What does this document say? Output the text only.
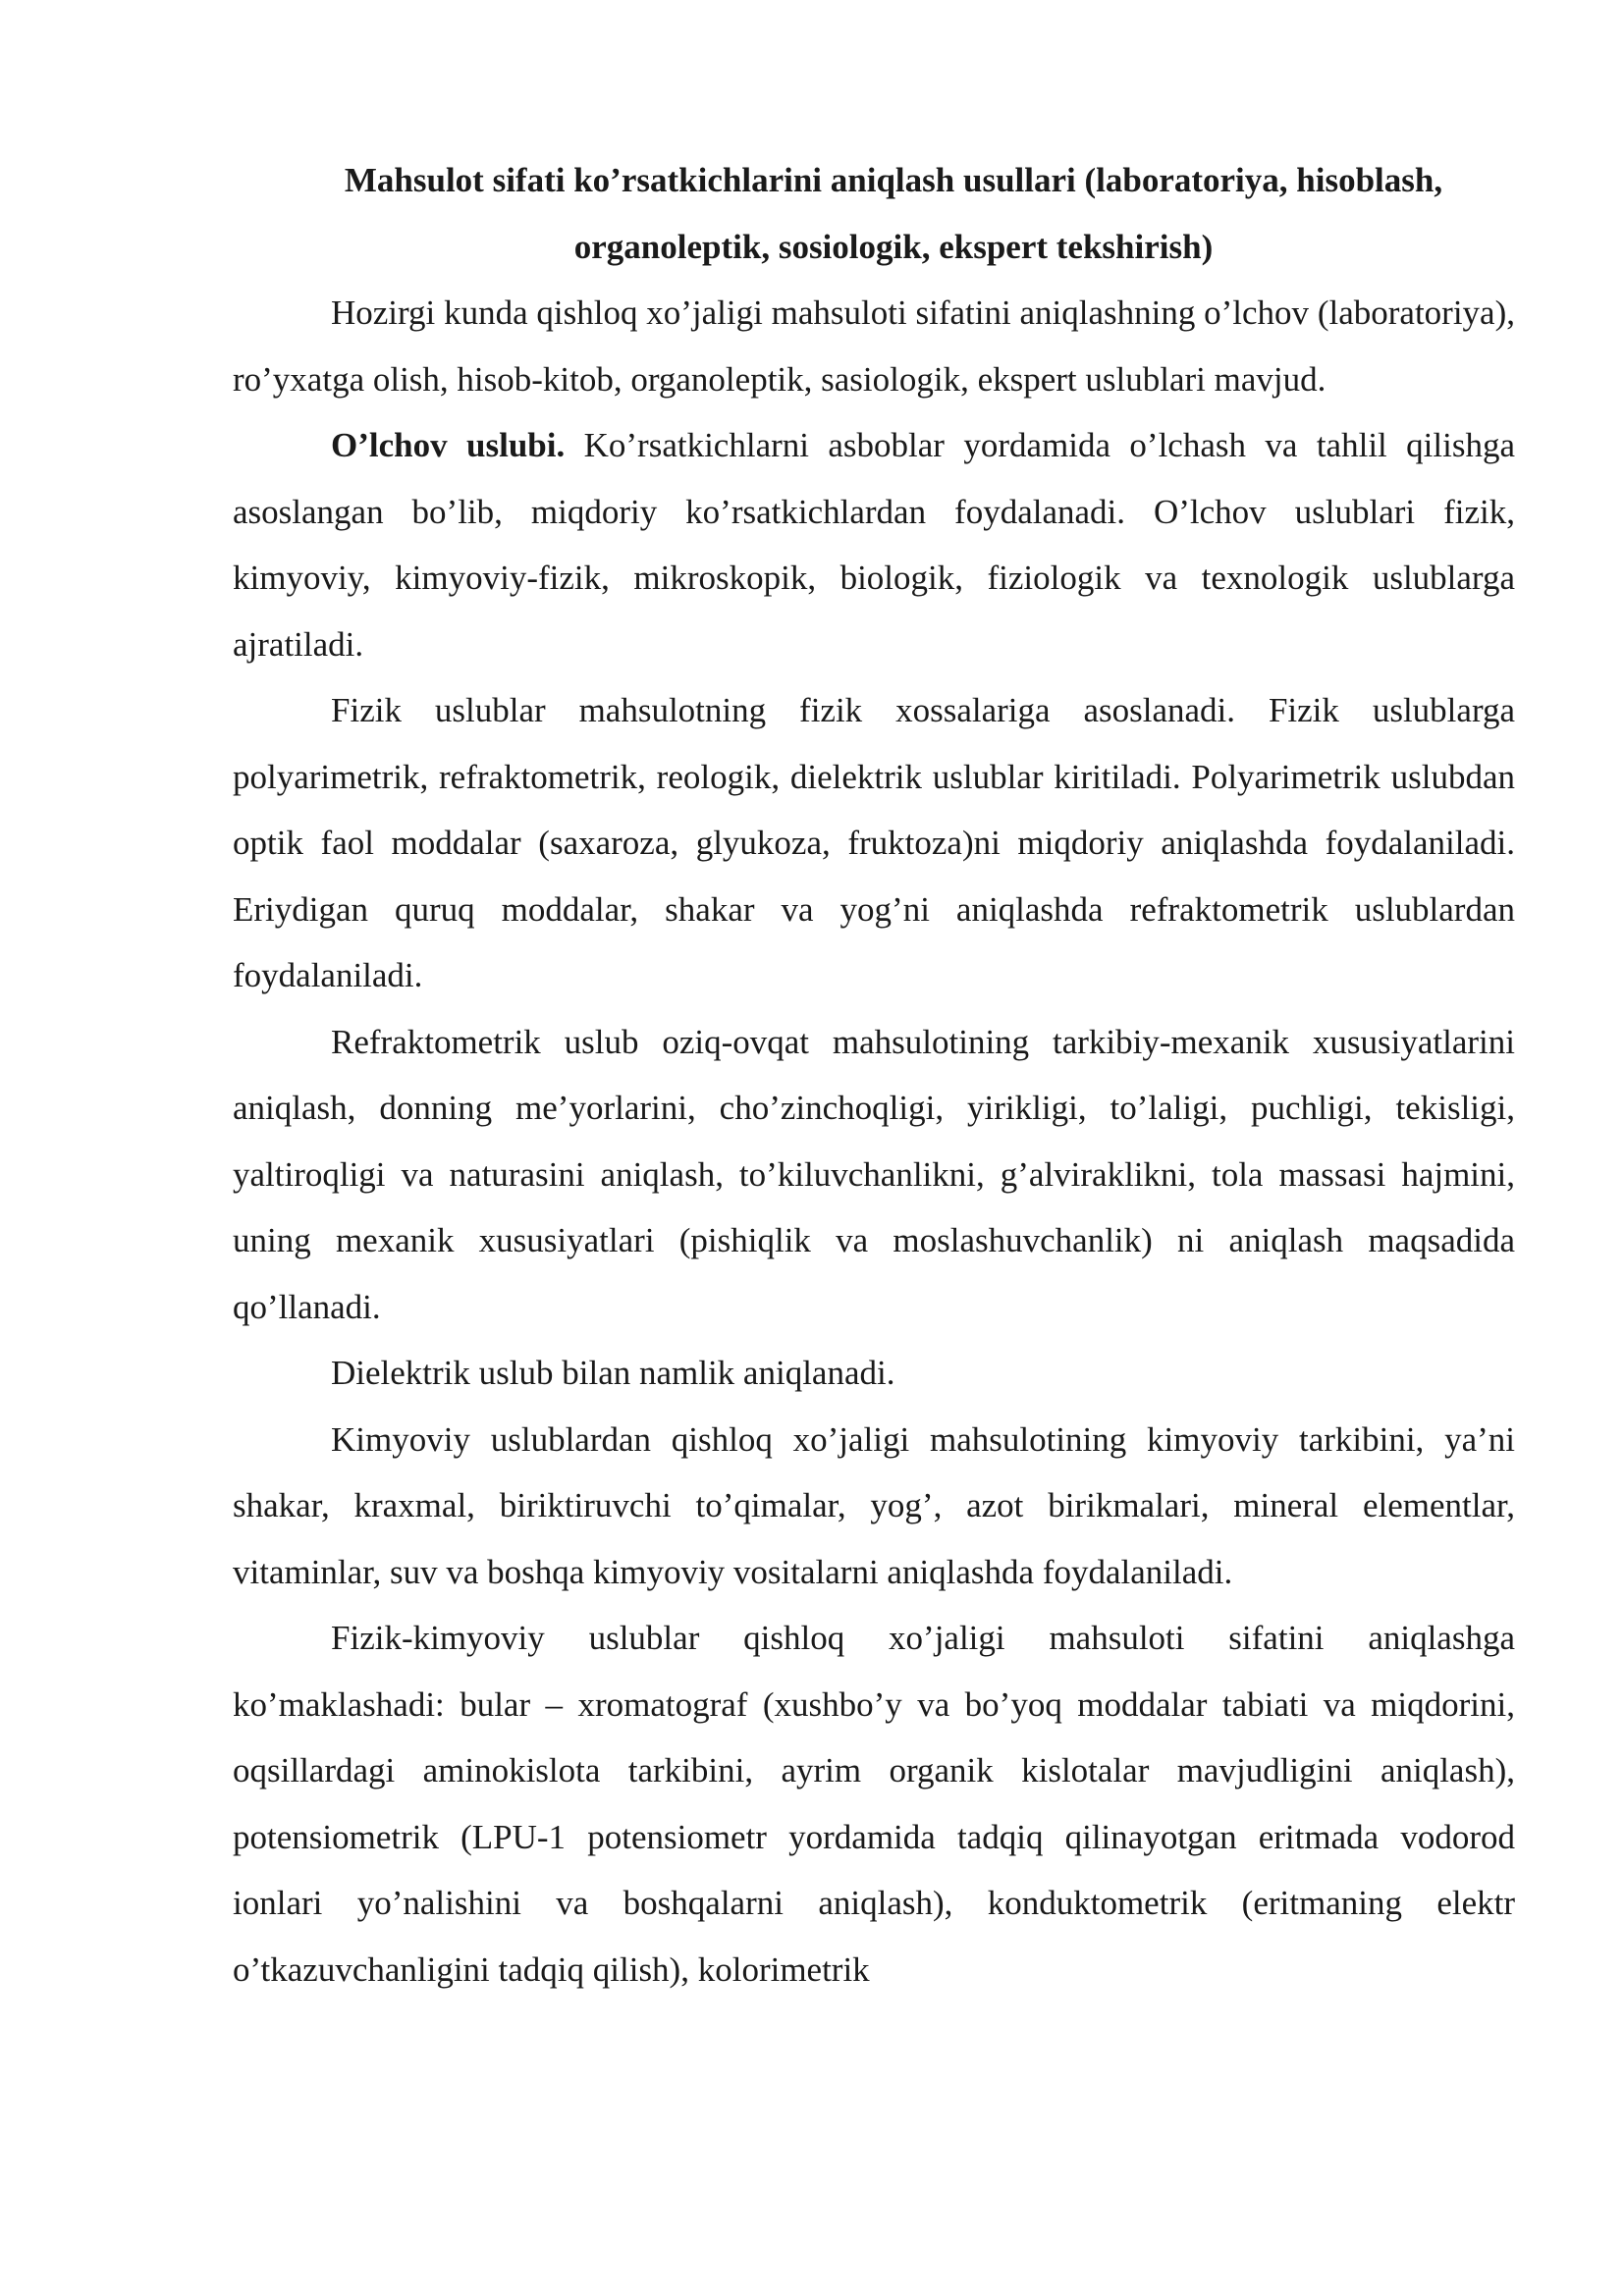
Mahsulot sifati ko’rsatkichlarini aniqlash usullari (laboratoriya, hisoblash, organoleptik, sosiologik, ekspert tekshirish)

Hozirgi kunda qishloq xo’jaligi mahsuloti sifatini aniqlashning o’lchov (laboratoriya), ro’yxatga olish, hisob-kitob, organoleptik, sasiologik, ekspert uslublari mavjud.

O’lchov uslubi. Ko’rsatkichlarni asboblar yordamida o’lchash va tahlil qilishga asoslangan bo’lib, miqdoriy ko’rsatkichlardan foydalanadi. O’lchov uslublari fizik, kimyoviy, kimyoviy-fizik, mikroskopik, biologik, fiziologik va texnologik uslublarga ajratiladi.

Fizik uslublar mahsulotning fizik xossalariga asoslanadi. Fizik uslublarga polyarimetrik, refraktometrik, reologik, dielektrik uslublar kiritiladi. Polyarimetrik uslubdan optik faol moddalar (saxaroza, glyukoza, fruktoza)ni miqdoriy aniqlashda foydalaniladi. Eriydigan quruq moddalar, shakar va yog’ni aniqlashda refraktometrik uslublardan foydalaniladi.

Refraktometrik uslub oziq-ovqat mahsulotining tarkibiy-mexanik xususiyatlarini aniqlash, donning me’yorlarini, cho’zinchoqligi, yirikligi, to’laligi, puchligi, tekisligi, yaltiroqligi va naturasini aniqlash, to’kiluvchanlikni, g’alviraklikni, tola massasi hajmini, uning mexanik xususiyatlari (pishiqlik va moslashuvchanlik) ni aniqlash maqsadida qo’llanadi.

Dielektrik uslub bilan namlik aniqlanadi.

Kimyoviy uslublardan qishloq xo’jaligi mahsulotining kimyoviy tarkibini, ya’ni shakar, kraxmal, biriktiruvchi to’qimalar, yog’, azot birikmalari, mineral elementlar, vitaminlar, suv va boshqa kimyoviy vositalarni aniqlashda foydalaniladi.

Fizik-kimyoviy uslublar qishloq xo’jaligi mahsuloti sifatini aniqlashga ko’maklashadi: bular – xromatograf (xushbo’y va bo’yoq moddalar tabiati va miqdorini, oqsillardagi aminokislota tarkibini, ayrim organik kislotalar mavjudligini aniqlash), potensiometrik (LPU-1 potensiometr yordamida tadqiq qilinayotgan eritmada vodorod ionlari yo’nalishini va boshqalarni aniqlash), konduktometrik (eritmaning elektr o’tkazuvchanligini tadqiq qilish), kolorimetrik
